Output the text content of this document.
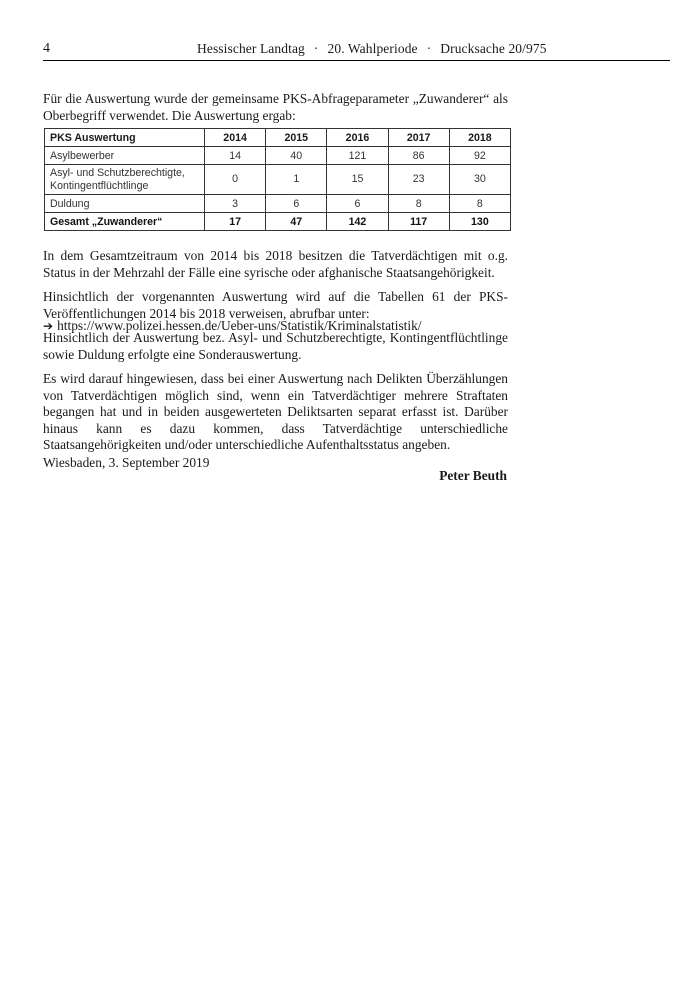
4	Hessischer Landtag · 20. Wahlperiode · Drucksache 20/975

Für die Auswertung wurde der gemeinsame PKS-Abfrageparameter „Zuwanderer“ als Oberbegriff verwendet. Die Auswertung ergab:

PKS Auswertung	2014	2015	2016	2017	2018
Asylbewerber	14	40	121	86	92
Asyl- und Schutzberechtigte, Kontingentflüchtlinge	0	1	15	23	30
Duldung	3	6	6	8	8
Gesamt „Zuwanderer“	17	47	142	117	130

In dem Gesamtzeitraum von 2014 bis 2018 besitzen die Tatverdächtigen mit o.g. Status in der Mehrzahl der Fälle eine syrische oder afghanische Staatsangehörigkeit.

Hinsichtlich der vorgenannten Auswertung wird auf die Tabellen 61 der PKS-Veröffentlichungen 2014 bis 2018 verweisen, abrufbar unter:

➔ https://www.polizei.hessen.de/Ueber-uns/Statistik/Kriminalstatistik/

Hinsichtlich der Auswertung bez. Asyl- und Schutzberechtigte, Kontingentflüchtlinge sowie Duldung erfolgte eine Sonderauswertung.

Es wird darauf hingewiesen, dass bei einer Auswertung nach Delikten Überzählungen von Tatverdächtigen möglich sind, wenn ein Tatverdächtiger mehrere Straftaten begangen hat und in beiden ausgewerteten Deliktsarten separat erfasst ist. Darüber hinaus kann es dazu kommen, dass Tatverdächtige unterschiedliche Staatsangehörigkeiten und/oder unterschiedliche Aufenthaltsstatus angeben.

Wiesbaden, 3. September 2019
Peter Beuth
